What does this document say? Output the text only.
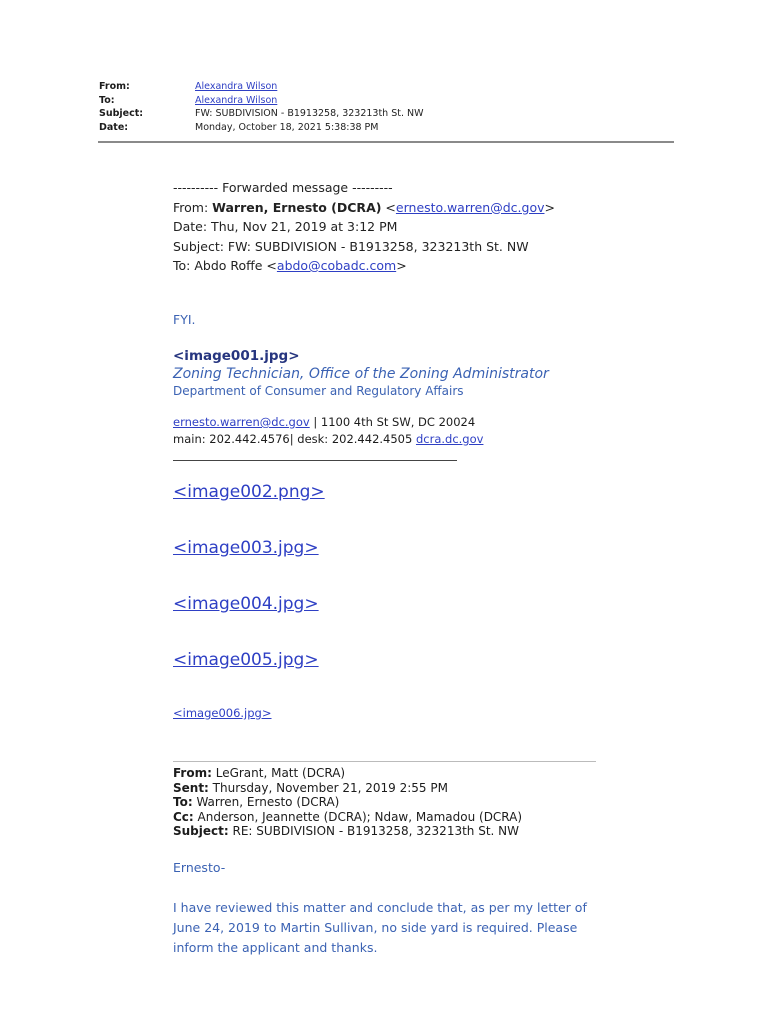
From:	Alexandra Wilson
To:	Alexandra Wilson
Subject:	FW: SUBDIVISION - B1913258, 323213th St. NW
Date:	Monday, October 18, 2021 5:38:38 PM
---------- Forwarded message ---------
From: Warren, Ernesto (DCRA) <ernesto.warren@dc.gov>
Date: Thu, Nov 21, 2019 at 3:12 PM
Subject: FW: SUBDIVISION - B1913258, 323213th St. NW
To: Abdo Roffe <abdo@cobadc.com>
FYI.
<image001.jpg>
Zoning Technician, Office of the Zoning Administrator
Department of Consumer and Regulatory Affairs
ernesto.warren@dc.gov | 1100 4th St SW, DC 20024
main: 202.442.4576| desk: 202.442.4505 dcra.dc.gov
<image002.png>
<image003.jpg>
<image004.jpg>
<image005.jpg>
<image006.jpg>
From: LeGrant, Matt (DCRA)
Sent: Thursday, November 21, 2019 2:55 PM
To: Warren, Ernesto (DCRA)
Cc: Anderson, Jeannette (DCRA); Ndaw, Mamadou (DCRA)
Subject: RE: SUBDIVISION - B1913258, 323213th St. NW
Ernesto-
I have reviewed this matter and conclude that, as per my letter of June 24, 2019 to Martin Sullivan, no side yard is required. Please inform the applicant and thanks.
